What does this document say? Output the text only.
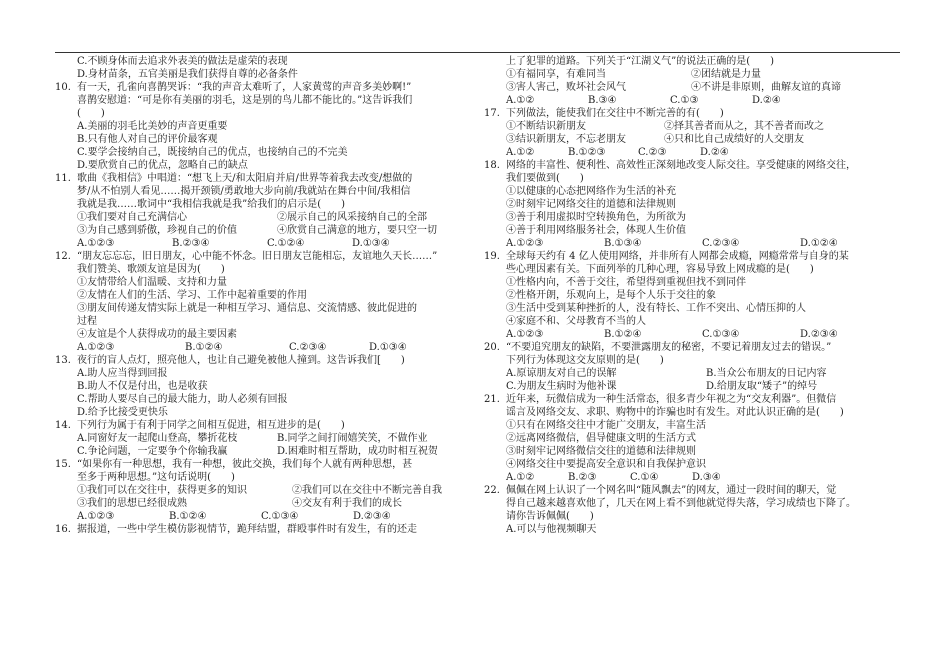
C.不顾身体而去追求外表美的做法是虚荣的表现
D.身材苗条，五官美丽是我们获得自尊的必备条件
10. 有一天，孔雀向喜鹊哭诉：“我的声音太难听了，人家黄莺的声音多美妙啊!”
喜鹊安慰道：“可是你有美丽的羽毛，这是别的鸟儿都不能比的。”这告诉我们
(　　)
A.美丽的羽毛比美妙的声音更重要
B.只有他人对自己的评价最客观
C.要学会接纳自己，既接纳自己的优点，也接纳自己的不完美
D.要欣赏自己的优点，忽略自己的缺点
11. 歌曲《我相信》中唱道：“想飞上天/和太阳肩并肩/世界等着我去改变/想做的
梦/从不怕别人看见……揭开颈锁/勇敢地大步向前/我就站在舞台中间/我相信
我就是我……歌词中“我相信我就是我”给我们的启示是(　　)
①我们要对自己充满信心	②展示自己的风采接纳自己的全部
③为自己感到骄傲，珍视自己的价值	④欣赏自己满意的地方，要只空一切
A.①②③	B.②③④	C.①②④	D.①③④
12. “朋友忘忘忘，旧日朋友，心中能不怀念。旧日朋友岂能相忘，友谊地久天长……”
我们赞美、歌颂友谊是因为(　　)
①友情带给人们温暖、支持和力量
②友情在人们的生活、学习、工作中起着重要的作用
③朋友间传递友情实际上就是一种相互学习、通信息、交流情感、彼此促进的
过程
④友谊是个人获得成功的最主要因素
A.①②③	B.①②④	C.②③④	D.①③④
13. 夜行的盲人点灯，照亮他人，也让自己避免被他人撞到。这告诉我们[　　)
A.助人应当得到回报
B.助人不仅是付出，也是收获
C.帮助人要尽自己的最大能力，助人必须有回报
D.给予比接受更快乐
14. 下列行为属于有利于同学之间相互促进，相互进步的是(　　)
A.同窗好友一起爬山登高，攀折花枝	B.同学之间打闹嬉笑笑，不做作业
C.争论问题，一定要争个你输我赢	D.困难时相互帮助，成功时相互祝贺
15. “如果你有一种思想，我有一种想，彼此交换，我们每个人就有两种思想，甚
至多于两种思想。”这句话说明(　　)
①我们可以在交往中，获得更多的知识	②我们可以在交往中不断完善自我
③我们的思想已经很成熟	④交友有利于我们的成长
A.①②③	B.①②④	C.①③④	D.②③④
16. 据报道，一些中学生模仿影视情节，跪拜结盟，群殴事件时有发生，有的还走
上了犯罪的道路。下列关于“江湖义气”的说法正确的是(　　)
①有福同享，有难同当	②团结就是力量
③害人害己，败坏社会风气	④不讲是非原则，曲解友谊的真谛
A.①②	B.③④	C.①③	D.②④
17. 下列做法，能使我们在交往中不断完善的有(　　)
①不断结识新朋友	②择其善者而从之，其不善者而改之
③结识新朋友，不忘老朋友	④只和比自己成绩好的人交朋友
A.①②	B.①②③	C.②③	D.②④
18. 网络的丰富性、便利性、高效性正深刻地改变人际交往。享受健康的网络交往，
我们要做到(　　)
①以健康的心态把网络作为生活的补充
②时刻牢记网络交往的道德和法律规则
③善于利用虚拟时空转换角色，为所欲为
④善于利用网络服务社会，体现人生价值
A.①②③	B.①③④	C.②③④	D.①②④
19. 全球每天约有 4 亿人使用网络，并非所有人网都会成瘾，网瘾常常与自身的某
些心理因素有关。下面列举的几种心理，容易导致上网成瘾的是(　　)
①性格内向，不善于交往，希望得到重视但找不到同伴
②性格开朗，乐观向上，是每个人乐于交往的象
③生活中受到某种挫折的人，没有特长、工作不突出、心情压抑的人
④家庭不和、父母教育不当的人
A.①②③	B.①②④	C.①③④	D.②③④
20. “不要追究朋友的缺陷，不要泄露朋友的秘密，不要记着朋友过去的错误。”
下列行为体现这交友原则的是(　　)
A.原谅朋友对自己的误解	B.当众公布朋友的日记内容
C.为朋友生病时为他补课	D.给朋友取“矮子”的绰号
21. 近年来，玩微信成为一种生活常态，很多青少年视之为“交友利器”。但微信
谣言及网络交友、求职、购物中的诈骗也时有发生。对此认识正确的是(　　)
①只有在网络交往中才能广交朋友，丰富生活
②远离网络微信，倡导健康文明的生活方式
③时刻牢记网络微信交往的道德和法律规则
④网络交往中要提高安全意识和自我保护意识
A.①②	B.②③	C.①④	D.③④
22. 佩佩在网上认识了一个网名叫“随风飘去”的网友，通过一段时间的聊天，觉
得自己越来越喜欢他了，几天在网上看不到他就觉得失落，学习成绩也下降了。
请你告诉佩佩(　　)
A.可以与他视频聊天
